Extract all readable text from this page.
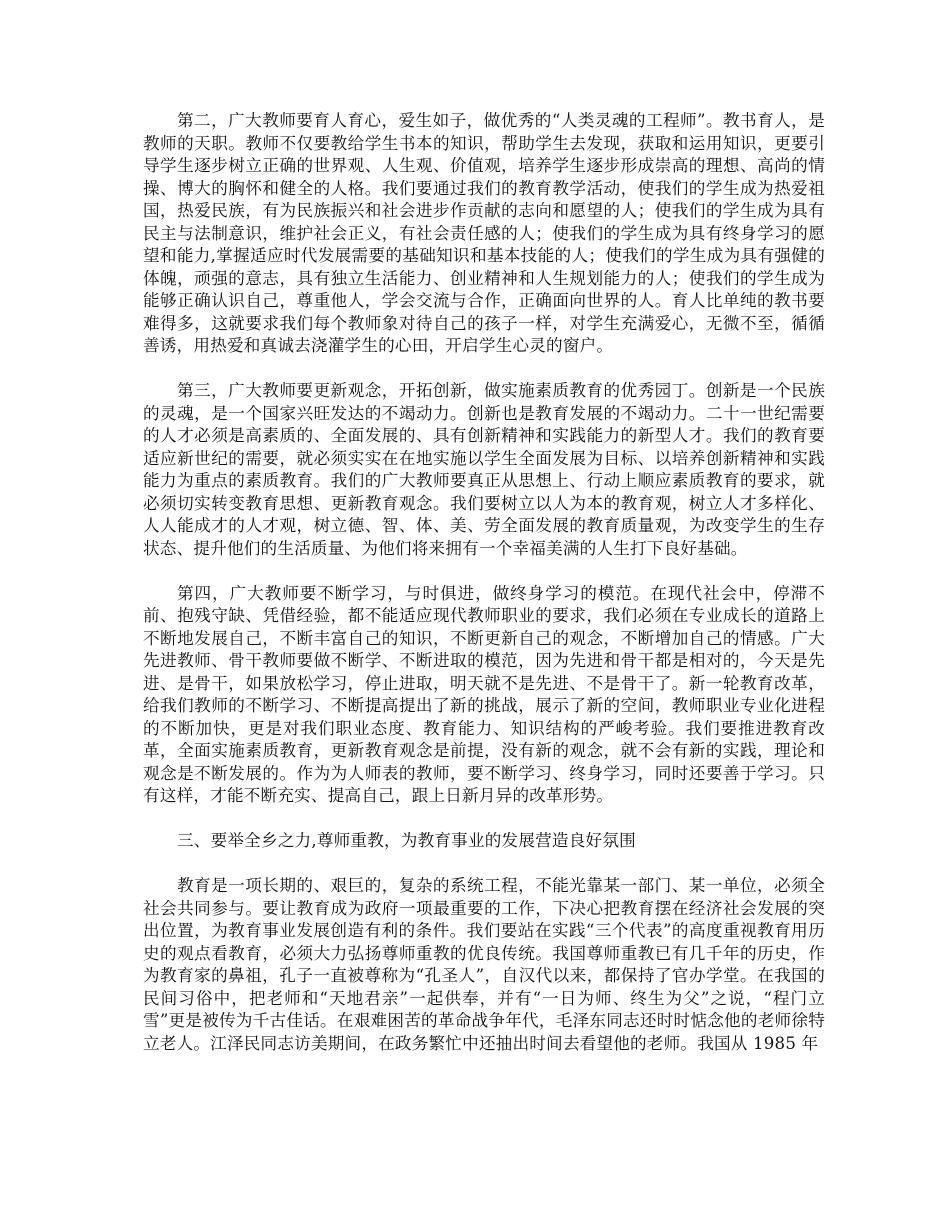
第二，广大教师要育人育心，爱生如子，做优秀的“人类灵魂的工程师”。教书育人，是教师的天职。教师不仅要教给学生书本的知识，帮助学生去发现，获取和运用知识，更要引导学生逐步树立正确的世界观、人生观、价值观，培养学生逐步形成崇高的理想、高尚的情操、博大的胸怀和健全的人格。我们要通过我们的教育教学活动，使我们的学生成为热爱祖国，热爱民族，有为民族振兴和社会进步作贡献的志向和愿望的人；使我们的学生成为具有民主与法制意识，维护社会正义，有社会责任感的人；使我们的学生成为具有终身学习的愿望和能力,掌握适应时代发展需要的基础知识和基本技能的人；使我们的学生成为具有强健的体魄，顽强的意志，具有独立生活能力、创业精神和人生规划能力的人；使我们的学生成为能够正确认识自己，尊重他人，学会交流与合作，正确面向世界的人。育人比单纯的教书要难得多，这就要求我们每个教师象对待自己的孩子一样，对学生充满爱心，无微不至，循循善诱，用热爱和真诚去浇灌学生的心田，开启学生心灵的窗户。

第三，广大教师要更新观念，开拓创新，做实施素质教育的优秀园丁。创新是一个民族的灵魂，是一个国家兴旺发达的不竭动力。创新也是教育发展的不竭动力。二十一世纪需要的人才必须是高素质的、全面发展的、具有创新精神和实践能力的新型人才。我们的教育要适应新世纪的需要，就必须实实在在地实施以学生全面发展为目标、以培养创新精神和实践能力为重点的素质教育。我们的广大教师要真正从思想上、行动上顺应素质教育的要求，就必须切实转变教育思想、更新教育观念。我们要树立以人为本的教育观，树立人才多样化、人人能成才的人才观，树立德、智、体、美、劳全面发展的教育质量观，为改变学生的生存状态、提升他们的生活质量、为他们将来拥有一个幸福美满的人生打下良好基础。

第四，广大教师要不断学习，与时俱进，做终身学习的模范。在现代社会中，停滞不前、抱残守缺、凭借经验，都不能适应现代教师职业的要求，我们必须在专业成长的道路上不断地发展自己，不断丰富自己的知识，不断更新自己的观念，不断增加自己的情感。广大先进教师、骨干教师要做不断学、不断进取的模范，因为先进和骨干都是相对的，今天是先进、是骨干，如果放松学习，停止进取，明天就不是先进、不是骨干了。新一轮教育改革，给我们教师的不断学习、不断提高提出了新的挑战，展示了新的空间，教师职业专业化进程的不断加快，更是对我们职业态度、教育能力、知识结构的严峻考验。我们要推进教育改革，全面实施素质教育，更新教育观念是前提，没有新的观念，就不会有新的实践，理论和观念是不断发展的。作为为人师表的教师，要不断学习、终身学习，同时还要善于学习。只有这样，才能不断充实、提高自己，跟上日新月异的改革形势。

三、要举全乡之力,尊师重教，为教育事业的发展营造良好氛围

教育是一项长期的、艰巨的，复杂的系统工程，不能光靠某一部门、某一单位，必须全社会共同参与。要让教育成为政府一项最重要的工作，下决心把教育摆在经济社会发展的突出位置，为教育事业发展创造有利的条件。我们要站在实践“三个代表”的高度重视教育用历史的观点看教育，必须大力弘扬尊师重教的优良传统。我国尊师重教已有几千年的历史，作为教育家的鼻祖，孔子一直被尊称为“孔圣人”，自汉代以来，都保持了官办学堂。在我国的民间习俗中，把老师和“天地君亲”一起供奉，并有“一日为师、终生为父”之说，“程门立雪”更是被传为千古佳话。在艰难困苦的革命战争年代，毛泽东同志还时时惦念他的老师徐特立老人。江泽民同志访美期间，在政务繁忙中还抽出时间去看望他的老师。我国从 1985 年
